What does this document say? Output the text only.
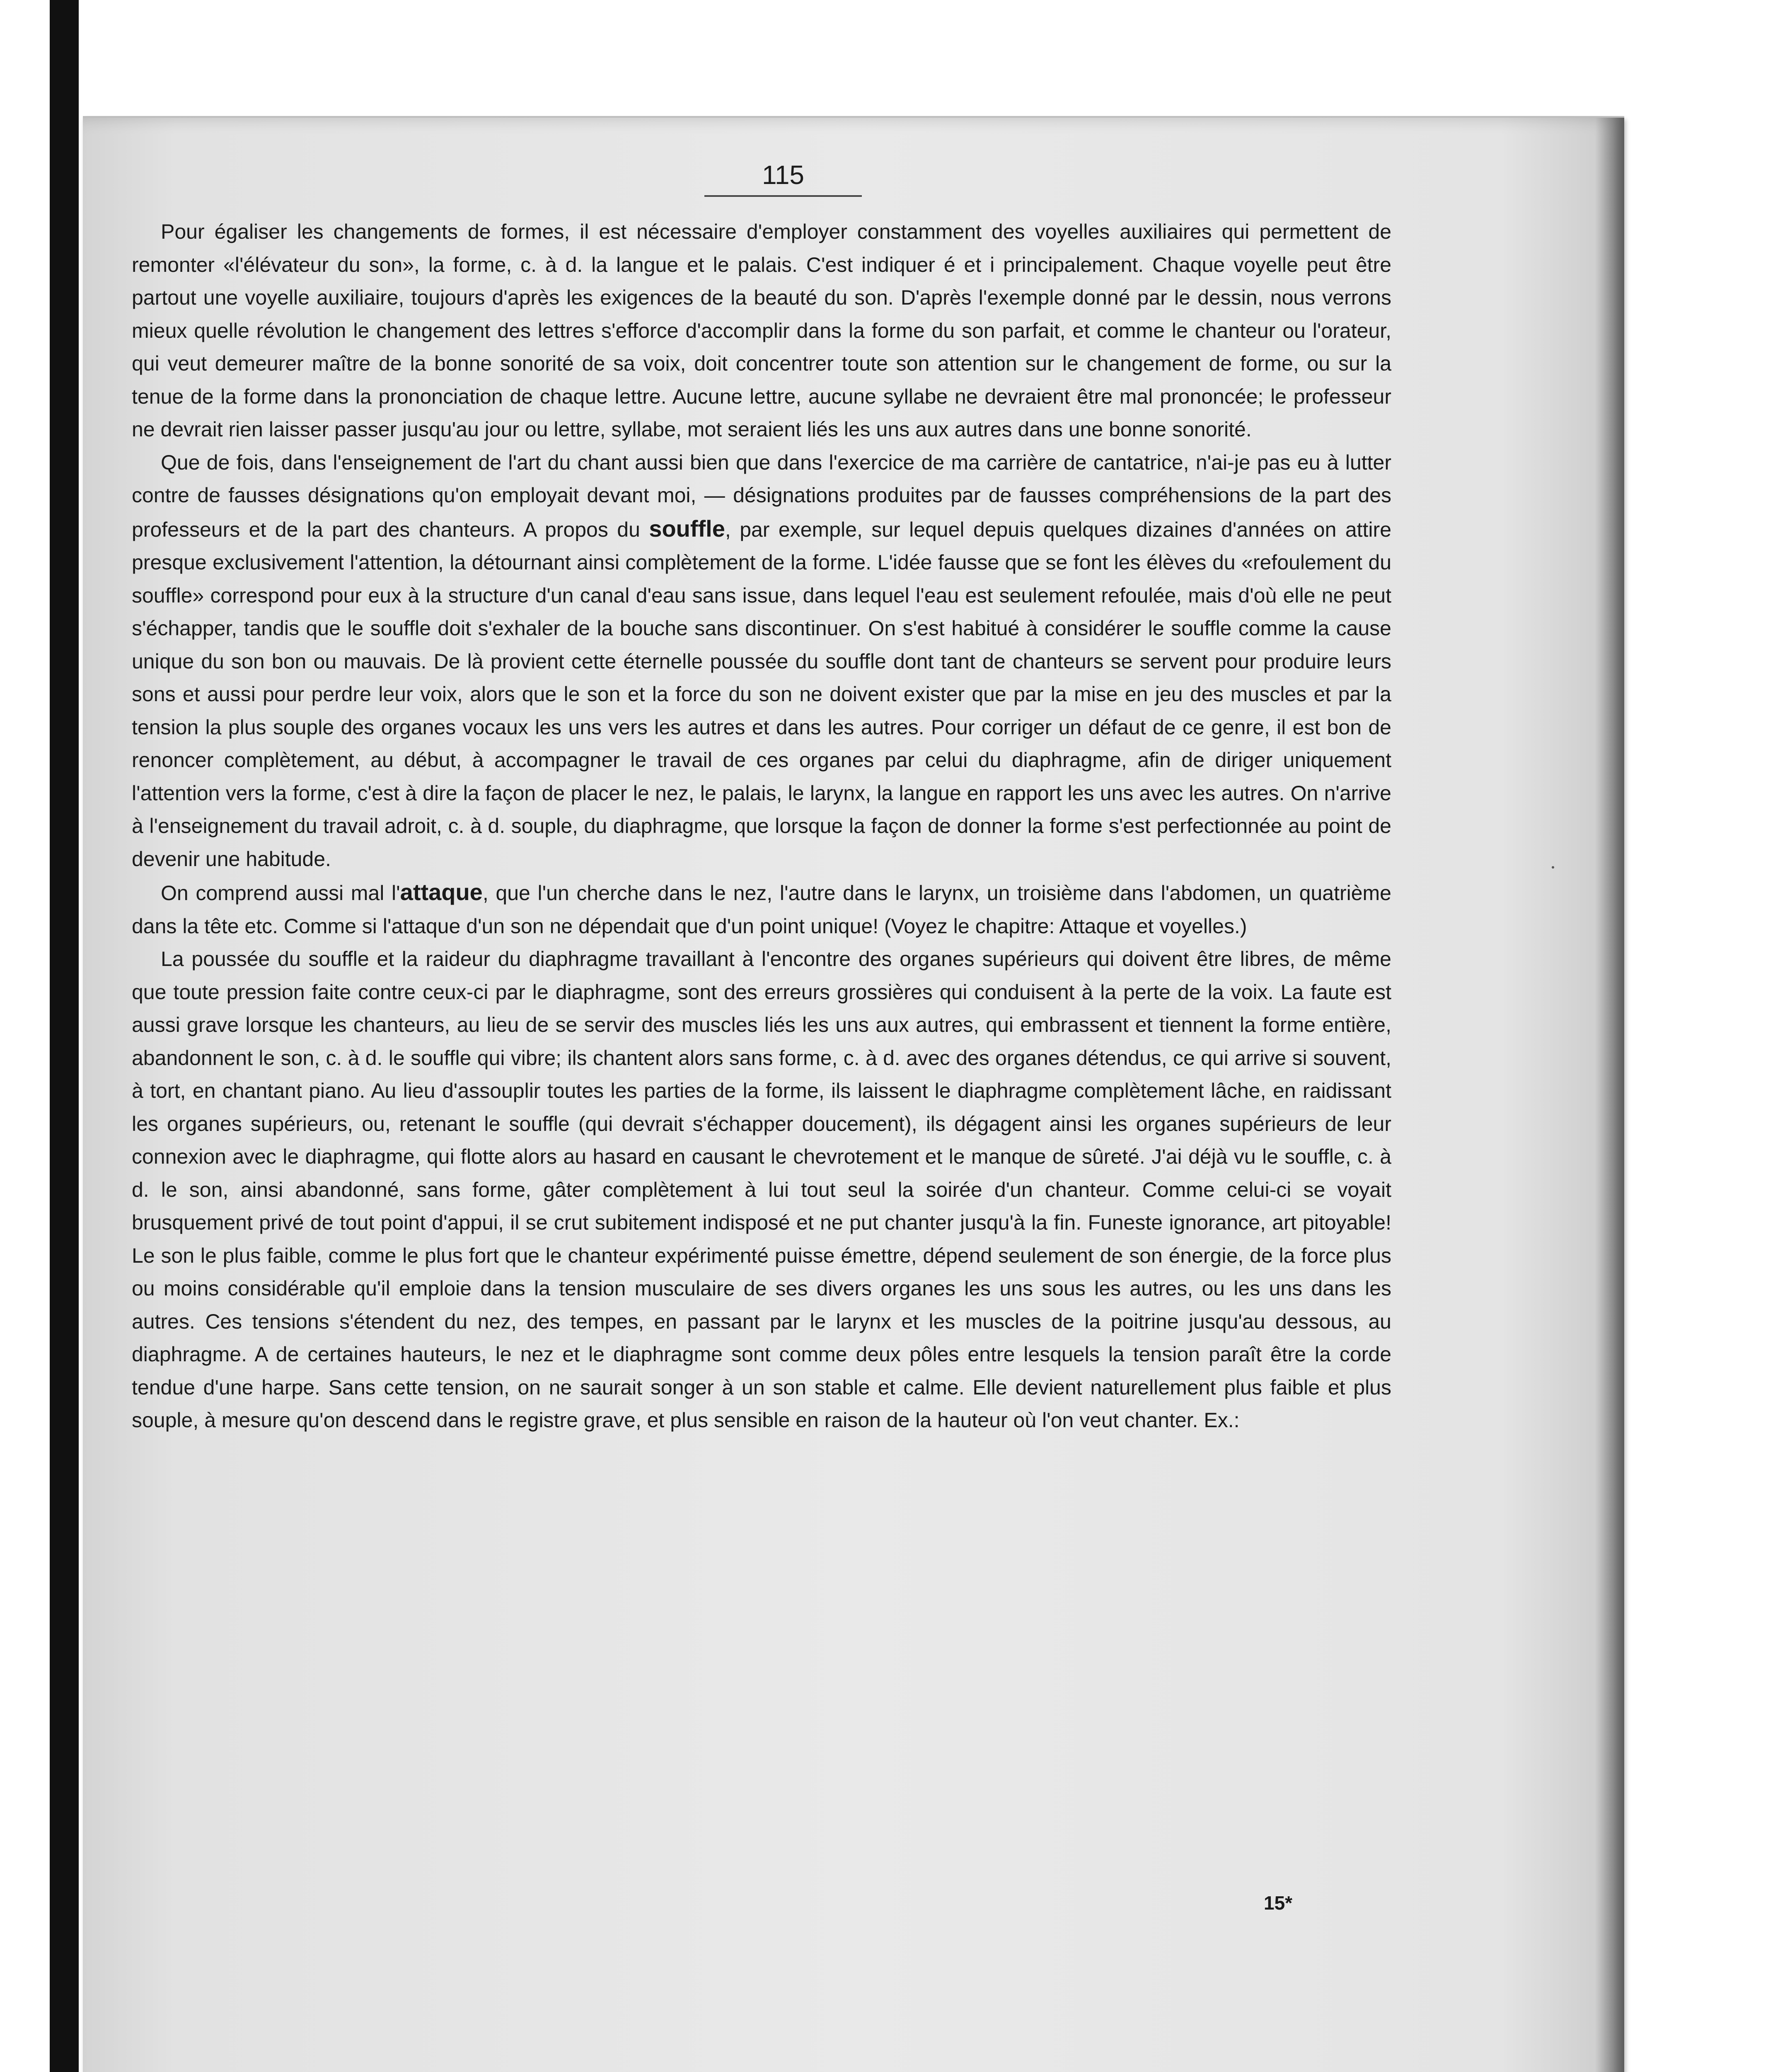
115

Pour égaliser les changements de formes, il est nécessaire d'employer constamment des voyelles auxiliaires qui permettent de remonter «l'élévateur du son», la forme, c. à d. la langue et le palais. C'est indiquer é et i principalement. Chaque voyelle peut être partout une voyelle auxiliaire, toujours d'après les exigences de la beauté du son. D'après l'exemple donné par le dessin, nous verrons mieux quelle révolution le changement des lettres s'efforce d'accomplir dans la forme du son parfait, et comme le chanteur ou l'orateur, qui veut demeurer maître de la bonne sonorité de sa voix, doit concentrer toute son attention sur le changement de forme, ou sur la tenue de la forme dans la prononciation de chaque lettre. Aucune lettre, aucune syllabe ne devraient être mal prononcée; le professeur ne devrait rien laisser passer jusqu'au jour ou lettre, syllabe, mot seraient liés les uns aux autres dans une bonne sonorité.

Que de fois, dans l'enseignement de l'art du chant aussi bien que dans l'exercice de ma carrière de cantatrice, n'ai-je pas eu à lutter contre de fausses désignations qu'on employait devant moi, — désignations produites par de fausses compréhensions de la part des professeurs et de la part des chanteurs. A propos du souffle, par exemple, sur lequel depuis quelques dizaines d'années on attire presque exclusivement l'attention, la détournant ainsi complètement de la forme. L'idée fausse que se font les élèves du «refoulement du souffle» correspond pour eux à la structure d'un canal d'eau sans issue, dans lequel l'eau est seulement refoulée, mais d'où elle ne peut s'échapper, tandis que le souffle doit s'exhaler de la bouche sans discontinuer. On s'est habitué à considérer le souffle comme la cause unique du son bon ou mauvais. De là provient cette éternelle poussée du souffle dont tant de chanteurs se servent pour produire leurs sons et aussi pour perdre leur voix, alors que le son et la force du son ne doivent exister que par la mise en jeu des muscles et par la tension la plus souple des organes vocaux les uns vers les autres et dans les autres. Pour corriger un défaut de ce genre, il est bon de renoncer complètement, au début, à accompagner le travail de ces organes par celui du diaphragme, afin de diriger uniquement l'attention vers la forme, c'est à dire la façon de placer le nez, le palais, le larynx, la langue en rapport les uns avec les autres. On n'arrive à l'enseignement du travail adroit, c. à d. souple, du diaphragme, que lorsque la façon de donner la forme s'est perfectionnée au point de devenir une habitude.

On comprend aussi mal l'attaque, que l'un cherche dans le nez, l'autre dans le larynx, un troisième dans l'abdomen, un quatrième dans la tête etc. Comme si l'attaque d'un son ne dépendait que d'un point unique! (Voyez le chapitre: Attaque et voyelles.)

La poussée du souffle et la raideur du diaphragme travaillant à l'encontre des organes supérieurs qui doivent être libres, de même que toute pression faite contre ceux-ci par le diaphragme, sont des erreurs grossières qui conduisent à la perte de la voix. La faute est aussi grave lorsque les chanteurs, au lieu de se servir des muscles liés les uns aux autres, qui embrassent et tiennent la forme entière, abandonnent le son, c. à d. le souffle qui vibre; ils chantent alors sans forme, c. à d. avec des organes détendus, ce qui arrive si souvent, à tort, en chantant piano. Au lieu d'assouplir toutes les parties de la forme, ils laissent le diaphragme complètement lâche, en raidissant les organes supérieurs, ou, retenant le souffle (qui devrait s'échapper doucement), ils dégagent ainsi les organes supérieurs de leur connexion avec le diaphragme, qui flotte alors au hasard en causant le chevrotement et le manque de sûreté. J'ai déjà vu le souffle, c. à d. le son, ainsi abandonné, sans forme, gâter complètement à lui tout seul la soirée d'un chanteur. Comme celui-ci se voyait brusquement privé de tout point d'appui, il se crut subitement indisposé et ne put chanter jusqu'à la fin. Funeste ignorance, art pitoyable! Le son le plus faible, comme le plus fort que le chanteur expérimenté puisse émettre, dépend seulement de son énergie, de la force plus ou moins considérable qu'il emploie dans la tension musculaire de ses divers organes les uns sous les autres, ou les uns dans les autres. Ces tensions s'étendent du nez, des tempes, en passant par le larynx et les muscles de la poitrine jusqu'au dessous, au diaphragme. A de certaines hauteurs, le nez et le diaphragme sont comme deux pôles entre lesquels la tension paraît être la corde tendue d'une harpe. Sans cette tension, on ne saurait songer à un son stable et calme. Elle devient naturellement plus faible et plus souple, à mesure qu'on descend dans le registre grave, et plus sensible en raison de la hauteur où l'on veut chanter. Ex.:

15*
